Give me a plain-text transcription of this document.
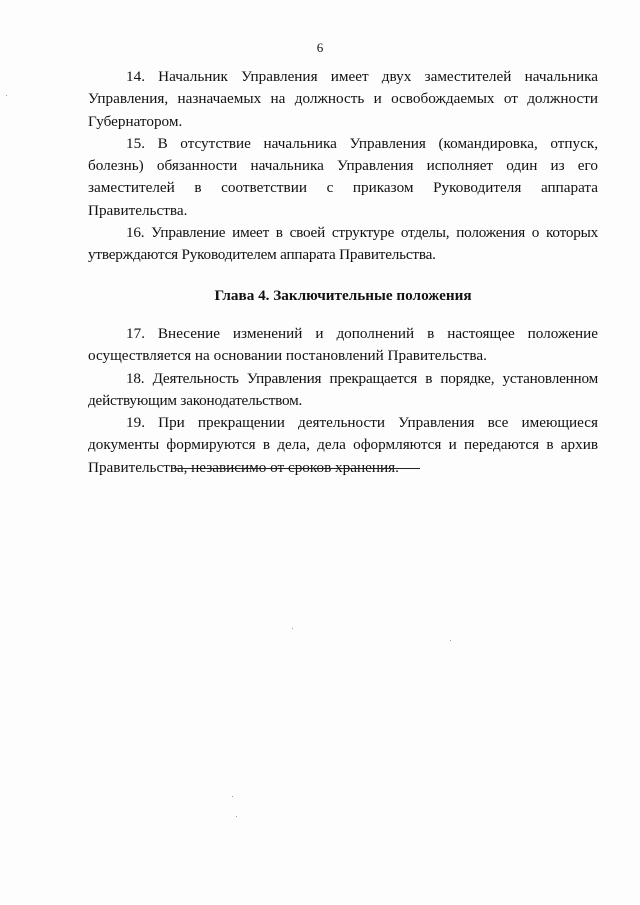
6

14. Начальник Управления имеет двух заместителей начальника Управления, назначаемых на должность и освобождаемых от должности Губернатором.

15. В отсутствие начальника Управления (командировка, отпуск, болезнь) обязанности начальника Управления исполняет один из его заместителей в соответствии с приказом Руководителя аппарата Правительства.

16. Управление имеет в своей структуре отделы, положения о которых утверждаются Руководителем аппарата Правительства.

Глава 4. Заключительные положения

17. Внесение изменений и дополнений в настоящее положение осуществляется на основании постановлений Правительства.

18. Деятельность Управления прекращается в порядке, установленном действующим законодательством.

19. При прекращении деятельности Управления все имеющиеся документы формируются в дела, дела оформляются и передаются в архив Правительства, независимо от сроков хранения.
